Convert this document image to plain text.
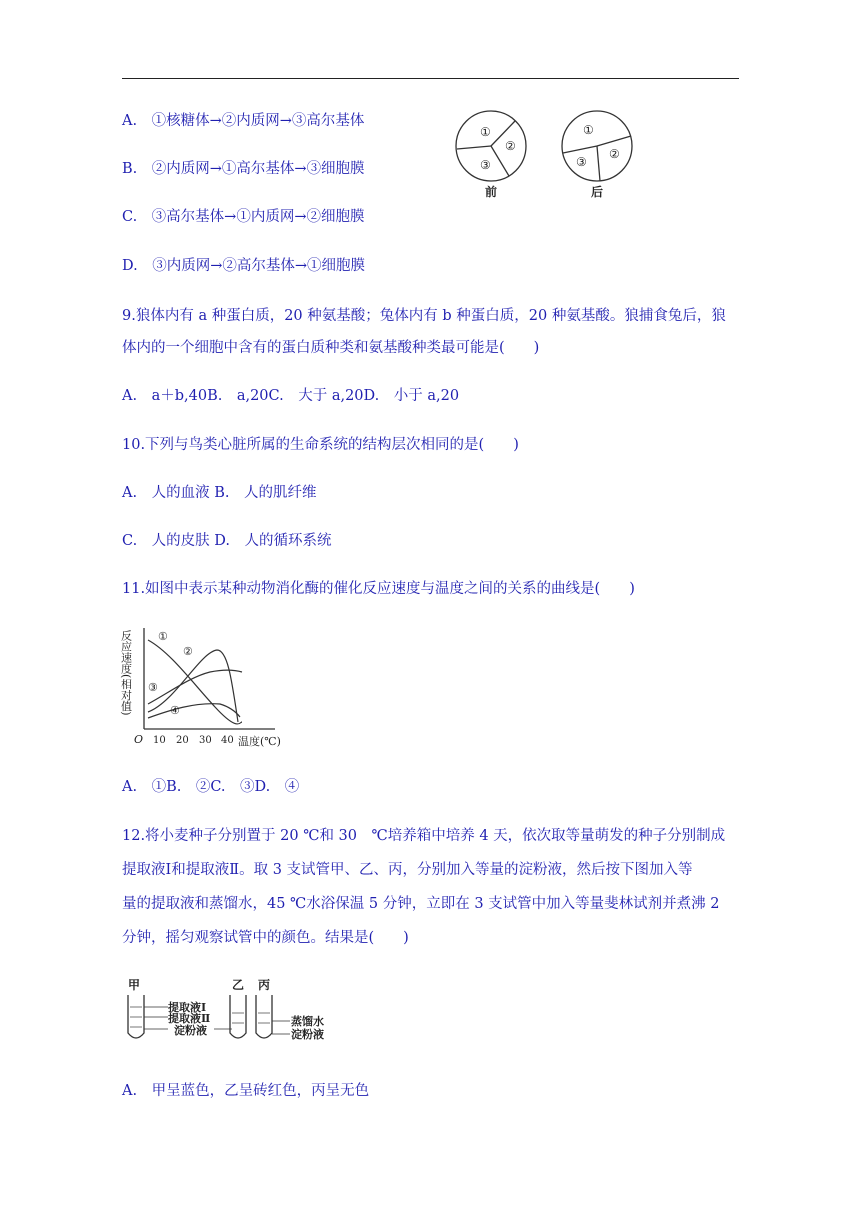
A.　①核糖体→②内质网→③高尔基体
B.　②内质网→①高尔基体→③细胞膜
C.　③高尔基体→①内质网→②细胞膜
D.　③内质网→②高尔基体→①细胞膜
①
②
③
前
①
②
③
后
9.狼体内有 a 种蛋白质，20 种氨基酸；兔体内有 b 种蛋白质，20 种氨基酸。狼捕食兔后，狼
体内的一个细胞中含有的蛋白质种类和氨基酸种类最可能是(　　)
A.　a＋b,40B.　a,20C.　大于 a,20D.　小于 a,20
10.下列与鸟类心脏所属的生命系统的结构层次相同的是(　　)
A.　人的血液 B.　人的肌纤维
C.　人的皮肤 D.　人的循环系统
11.如图中表示某种动物消化酶的催化反应速度与温度之间的关系的曲线是(　　)
反应速度(相对值)
O 10 20 30 40 温度(℃)
①
②
③
④
A.　①B.　②C.　③D.　④
12.将小麦种子分别置于 20 ℃和 30　℃培养箱中培养 4 天，依次取等量萌发的种子分别制成
提取液Ⅰ和提取液Ⅱ。取 3 支试管甲、乙、丙，分别加入等量的淀粉液，然后按下图加入等
量的提取液和蒸馏水，45 ℃水浴保温 5 分钟，立即在 3 支试管中加入等量斐林试剂并煮沸 2
分钟，摇匀观察试管中的颜色。结果是(　　)
甲	乙 丙
提取液Ⅰ
提取液Ⅱ
淀粉液
蒸馏水
淀粉液
A.　甲呈蓝色，乙呈砖红色，丙呈无色
